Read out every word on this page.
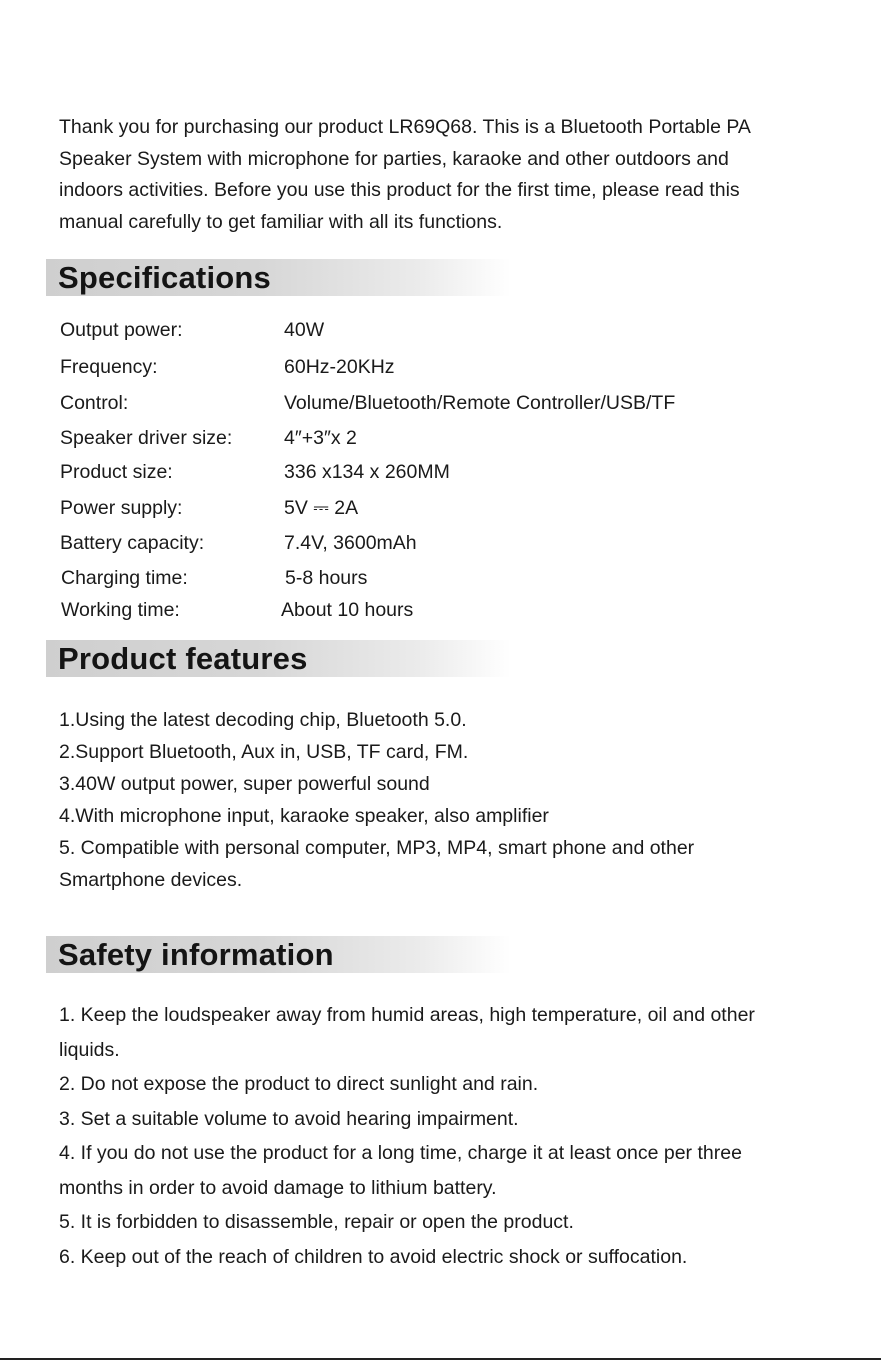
Thank you for purchasing our product LR69Q68. This is a Bluetooth Portable PA

Speaker System with microphone for parties, karaoke and other outdoors and

indoors activities. Before you use this product for the first time, please read this

manual carefully to get familiar with all its functions.

Specifications
Output power:	40W
Frequency:	60Hz-20KHz
Control:	Volume/Bluetooth/Remote Controller/USB/TF
Speaker driver size:	4″+3″x 2
Product size:	336 x134 x 260MM
Power supply:	5V ⎓ 2A
Battery capacity:	7.4V, 3600mAh
Charging time:	5-8 hours
Working time:	About 10 hours
Product features

1.Using the latest decoding chip, Bluetooth 5.0.

2.Support Bluetooth, Aux in, USB, TF card, FM.

3.40W output power, super powerful sound

4.With microphone input, karaoke speaker, also amplifier

5. Compatible with personal computer, MP3, MP4, smart phone and other

Smartphone devices.

Safety information

1. Keep the loudspeaker away from humid areas, high temperature, oil and other

liquids.

2. Do not expose the product to direct sunlight and rain.

3. Set a suitable volume to avoid hearing impairment.

4. If you do not use the product for a long time, charge it at least once per three

months in order to avoid damage to lithium battery.

5. It is forbidden to disassemble, repair or open the product.

6. Keep out of the reach of children to avoid electric shock or suffocation.
